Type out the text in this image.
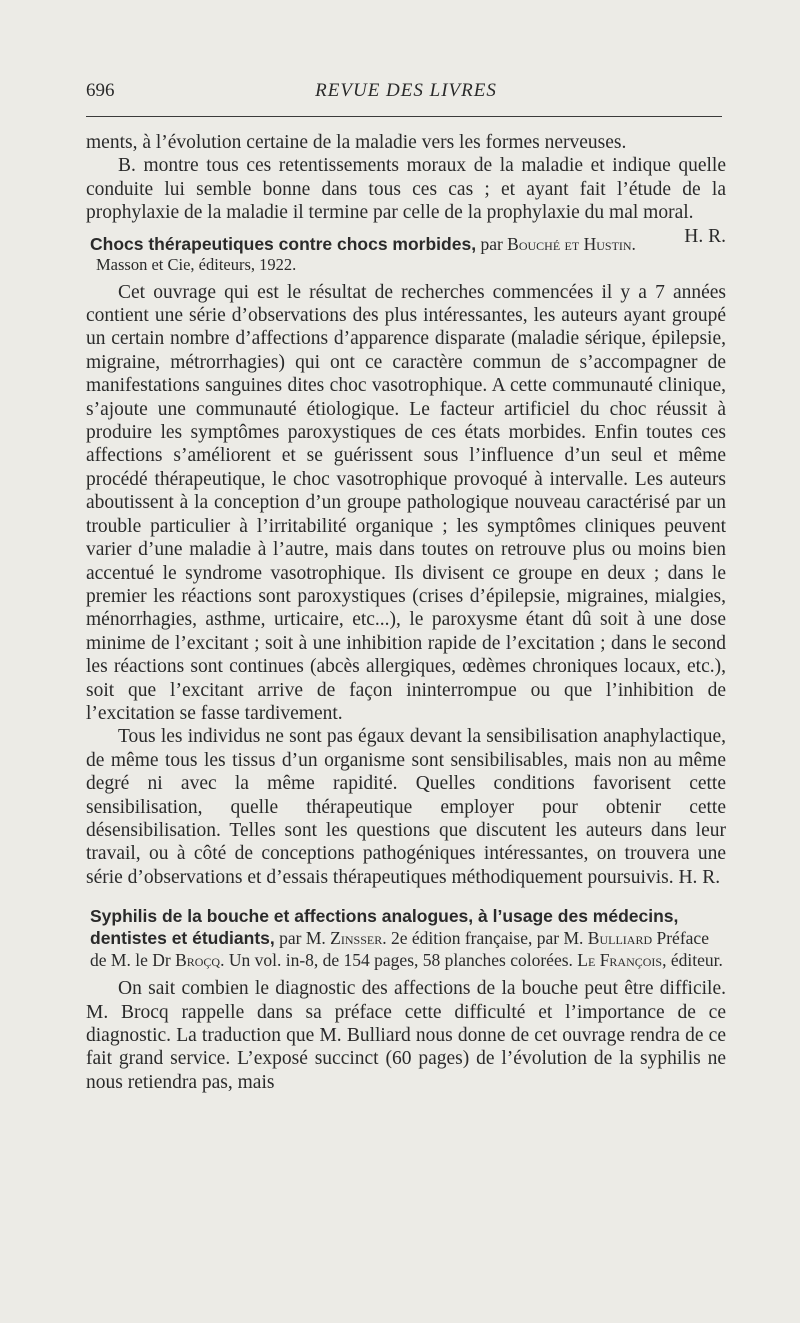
696	REVUE DES LIVRES

ments, à l’évolution certaine de la maladie vers les formes nerveuses.

B. montre tous ces retentissements moraux de la maladie et indique quelle conduite lui semble bonne dans tous ces cas ; et ayant fait l’étude de la prophylaxie de la maladie il termine par celle de la prophylaxie du mal moral.
H. R.

Chocs thérapeutiques contre chocs morbides, par Bouché et Hustin.
Masson et Cie, éditeurs, 1922.

Cet ouvrage qui est le résultat de recherches commencées il y a 7 années contient une série d’observations des plus intéressantes, les auteurs ayant groupé un certain nombre d’affections d’apparence disparate (maladie sérique, épilepsie, migraine, métrorrhagies) qui ont ce caractère commun de s’accompagner de manifestations sanguines dites choc vasotrophique. A cette communauté clinique, s’ajoute une communauté étiologique. Le facteur artificiel du choc réussit à produire les symptômes paroxystiques de ces états morbides. Enfin toutes ces affections s’améliorent et se guérissent sous l’influence d’un seul et même procédé thérapeutique, le choc vasotrophique provoqué à intervalle. Les auteurs aboutissent à la conception d’un groupe pathologique nouveau caractérisé par un trouble particulier à l’irritabilité organique ; les symptômes cliniques peuvent varier d’une maladie à l’autre, mais dans toutes on retrouve plus ou moins bien accentué le syndrome vasotrophique. Ils divisent ce groupe en deux ; dans le premier les réactions sont paroxystiques (crises d’épilepsie, migraines, mialgies, ménorrhagies, asthme, urticaire, etc...), le paroxysme étant dû soit à une dose minime de l’excitant ; soit à une inhibition rapide de l’excitation ; dans le second les réactions sont continues (abcès allergiques, œdèmes chroniques locaux, etc.), soit que l’excitant arrive de façon ininterrompue ou que l’inhibition de l’excitation se fasse tardivement.

Tous les individus ne sont pas égaux devant la sensibilisation anaphylactique, de même tous les tissus d’un organisme sont sensibilisables, mais non au même degré ni avec la même rapidité. Quelles conditions favorisent cette sensibilisation, quelle thérapeutique employer pour obtenir cette désensibilisation. Telles sont les questions que discutent les auteurs dans leur travail, ou à côté de conceptions pathogéniques intéressantes, on trouvera une série d’observations et d’essais thérapeutiques méthodiquement poursuivis. H. R.

Syphilis de la bouche et affections analogues, à l’usage des médecins, dentistes et étudiants, par M. Zinsser. 2e édition française, par M. Bulliard Préface de M. le Dr Broçq. Un vol. in-8, de 154 pages, 58 planches colorées. Le François, éditeur.

On sait combien le diagnostic des affections de la bouche peut être difficile. M. Brocq rappelle dans sa préface cette difficulté et l’importance de ce diagnostic. La traduction que M. Bulliard nous donne de cet ouvrage rendra de ce fait grand service. L’exposé succinct (60 pages) de l’évolution de la syphilis ne nous retiendra pas, mais
